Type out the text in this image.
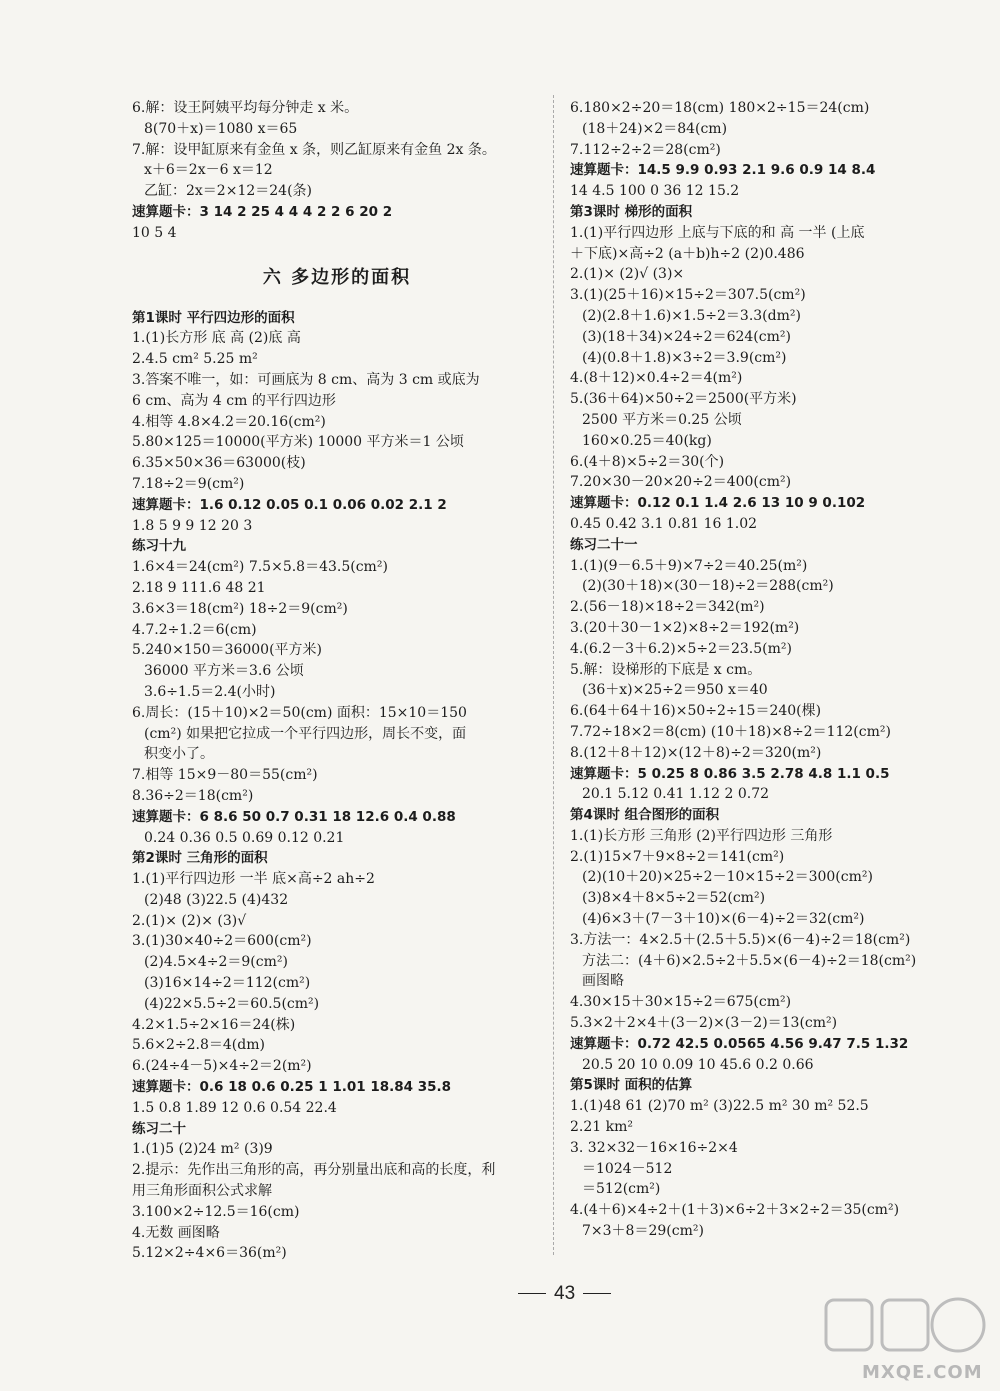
6.解：设王阿姨平均每分钟走 x 米。
8(70＋x)＝1080 x＝65
7.解：设甲缸原来有金鱼 x 条，则乙缸原来有金鱼 2x 条。
x＋6＝2x－6 x＝12
乙缸：2x＝2×12＝24(条)
速算题卡：3 14 2 25 4 4 4 2 2 6 20 2
10 5 4
六 多边形的面积
第1课时 平行四边形的面积
1.(1)长方形 底 高 (2)底 高
2.4.5 cm² 5.25 m²
3.答案不唯一，如：可画底为 8 cm、高为 3 cm 或底为
6 cm、高为 4 cm 的平行四边形
4.相等 4.8×4.2＝20.16(cm²)
5.80×125＝10000(平方米) 10000 平方米＝1 公顷
6.35×50×36＝63000(枝)
7.18÷2＝9(cm²)
速算题卡：1.6 0.12 0.05 0.1 0.06 0.02 2.1 2
1.8 5 9 9 12 20 3
练习十九
1.6×4＝24(cm²) 7.5×5.8＝43.5(cm²)
2.18 9 111.6 48 21
3.6×3＝18(cm²) 18÷2＝9(cm²)
4.7.2÷1.2＝6(cm)
5.240×150＝36000(平方米)
36000 平方米＝3.6 公顷
3.6÷1.5＝2.4(小时)
6.周长：(15＋10)×2＝50(cm) 面积：15×10＝150
(cm²) 如果把它拉成一个平行四边形，周长不变，面
积变小了。
7.相等 15×9－80＝55(cm²)
8.36÷2＝18(cm²)
速算题卡：6 8.6 50 0.7 0.31 18 12.6 0.4 0.88
0.24 0.36 0.5 0.69 0.12 0.21
第2课时 三角形的面积
1.(1)平行四边形 一半 底×高÷2 ah÷2
(2)48 (3)22.5 (4)432
2.(1)× (2)× (3)√
3.(1)30×40÷2＝600(cm²)
(2)4.5×4÷2＝9(cm²)
(3)16×14÷2＝112(cm²)
(4)22×5.5÷2＝60.5(cm²)
4.2×1.5÷2×16＝24(株)
5.6×2÷2.8＝4(dm)
6.(24÷4－5)×4÷2＝2(m²)
速算题卡：0.6 18 0.6 0.25 1 1.01 18.84 35.8
1.5 0.8 1.89 12 0.6 0.54 22.4
练习二十
1.(1)5 (2)24 m² (3)9
2.提示：先作出三角形的高，再分别量出底和高的长度，利
用三角形面积公式求解
3.100×2÷12.5＝16(cm)
4.无数 画图略
5.12×2÷4×6＝36(m²)
6.180×2÷20＝18(cm) 180×2÷15＝24(cm)
(18＋24)×2＝84(cm)
7.112÷2÷2＝28(cm²)
速算题卡：14.5 9.9 0.93 2.1 9.6 0.9 14 8.4
14 4.5 100 0 36 12 15.2
第3课时 梯形的面积
1.(1)平行四边形 上底与下底的和 高 一半 (上底
＋下底)×高÷2 (a＋b)h÷2 (2)0.486
2.(1)× (2)√ (3)×
3.(1)(25＋16)×15÷2＝307.5(cm²)
(2)(2.8＋1.6)×1.5÷2＝3.3(dm²)
(3)(18＋34)×24÷2＝624(cm²)
(4)(0.8＋1.8)×3÷2＝3.9(cm²)
4.(8＋12)×0.4÷2＝4(m²)
5.(36＋64)×50÷2＝2500(平方米)
2500 平方米＝0.25 公顷
160×0.25＝40(kg)
6.(4＋8)×5÷2＝30(个)
7.20×30－20×20÷2＝400(cm²)
速算题卡：0.12 0.1 1.4 2.6 13 10 9 0.102
0.45 0.42 3.1 0.81 16 1.02
练习二十一
1.(1)(9－6.5＋9)×7÷2＝40.25(m²)
(2)(30＋18)×(30－18)÷2＝288(cm²)
2.(56－18)×18÷2＝342(m²)
3.(20＋30－1×2)×8÷2＝192(m²)
4.(6.2－3＋6.2)×5÷2＝23.5(m²)
5.解：设梯形的下底是 x cm。
(36＋x)×25÷2＝950 x＝40
6.(64＋64＋16)×50÷2÷15＝240(棵)
7.72÷18×2＝8(cm) (10＋18)×8÷2＝112(cm²)
8.(12＋8＋12)×(12＋8)÷2＝320(m²)
速算题卡：5 0.25 8 0.86 3.5 2.78 4.8 1.1 0.5
20.1 5.12 0.41 1.12 2 0.72
第4课时 组合图形的面积
1.(1)长方形 三角形 (2)平行四边形 三角形
2.(1)15×7＋9×8÷2＝141(cm²)
(2)(10＋20)×25÷2－10×15÷2＝300(cm²)
(3)8×4＋8×5÷2＝52(cm²)
(4)6×3＋(7－3＋10)×(6－4)÷2＝32(cm²)
3.方法一：4×2.5＋(2.5＋5.5)×(6－4)÷2＝18(cm²)
方法二：(4＋6)×2.5÷2＋5.5×(6－4)÷2＝18(cm²)
画图略
4.30×15＋30×15÷2＝675(cm²)
5.3×2＋2×4＋(3－2)×(3－2)＝13(cm²)
速算题卡：0.72 42.5 0.0565 4.56 9.47 7.5 1.32
20.5 20 10 0.09 10 45.6 0.2 0.66
第5课时 面积的估算
1.(1)48 61 (2)70 m² (3)22.5 m² 30 m² 52.5
2.21 km²
3. 32×32－16×16÷2×4
＝1024－512
＝512(cm²)
4.(4＋6)×4÷2＋(1＋3)×6÷2＋3×2÷2＝35(cm²)
7×3＋8＝29(cm²)
43
MXQE.COM
